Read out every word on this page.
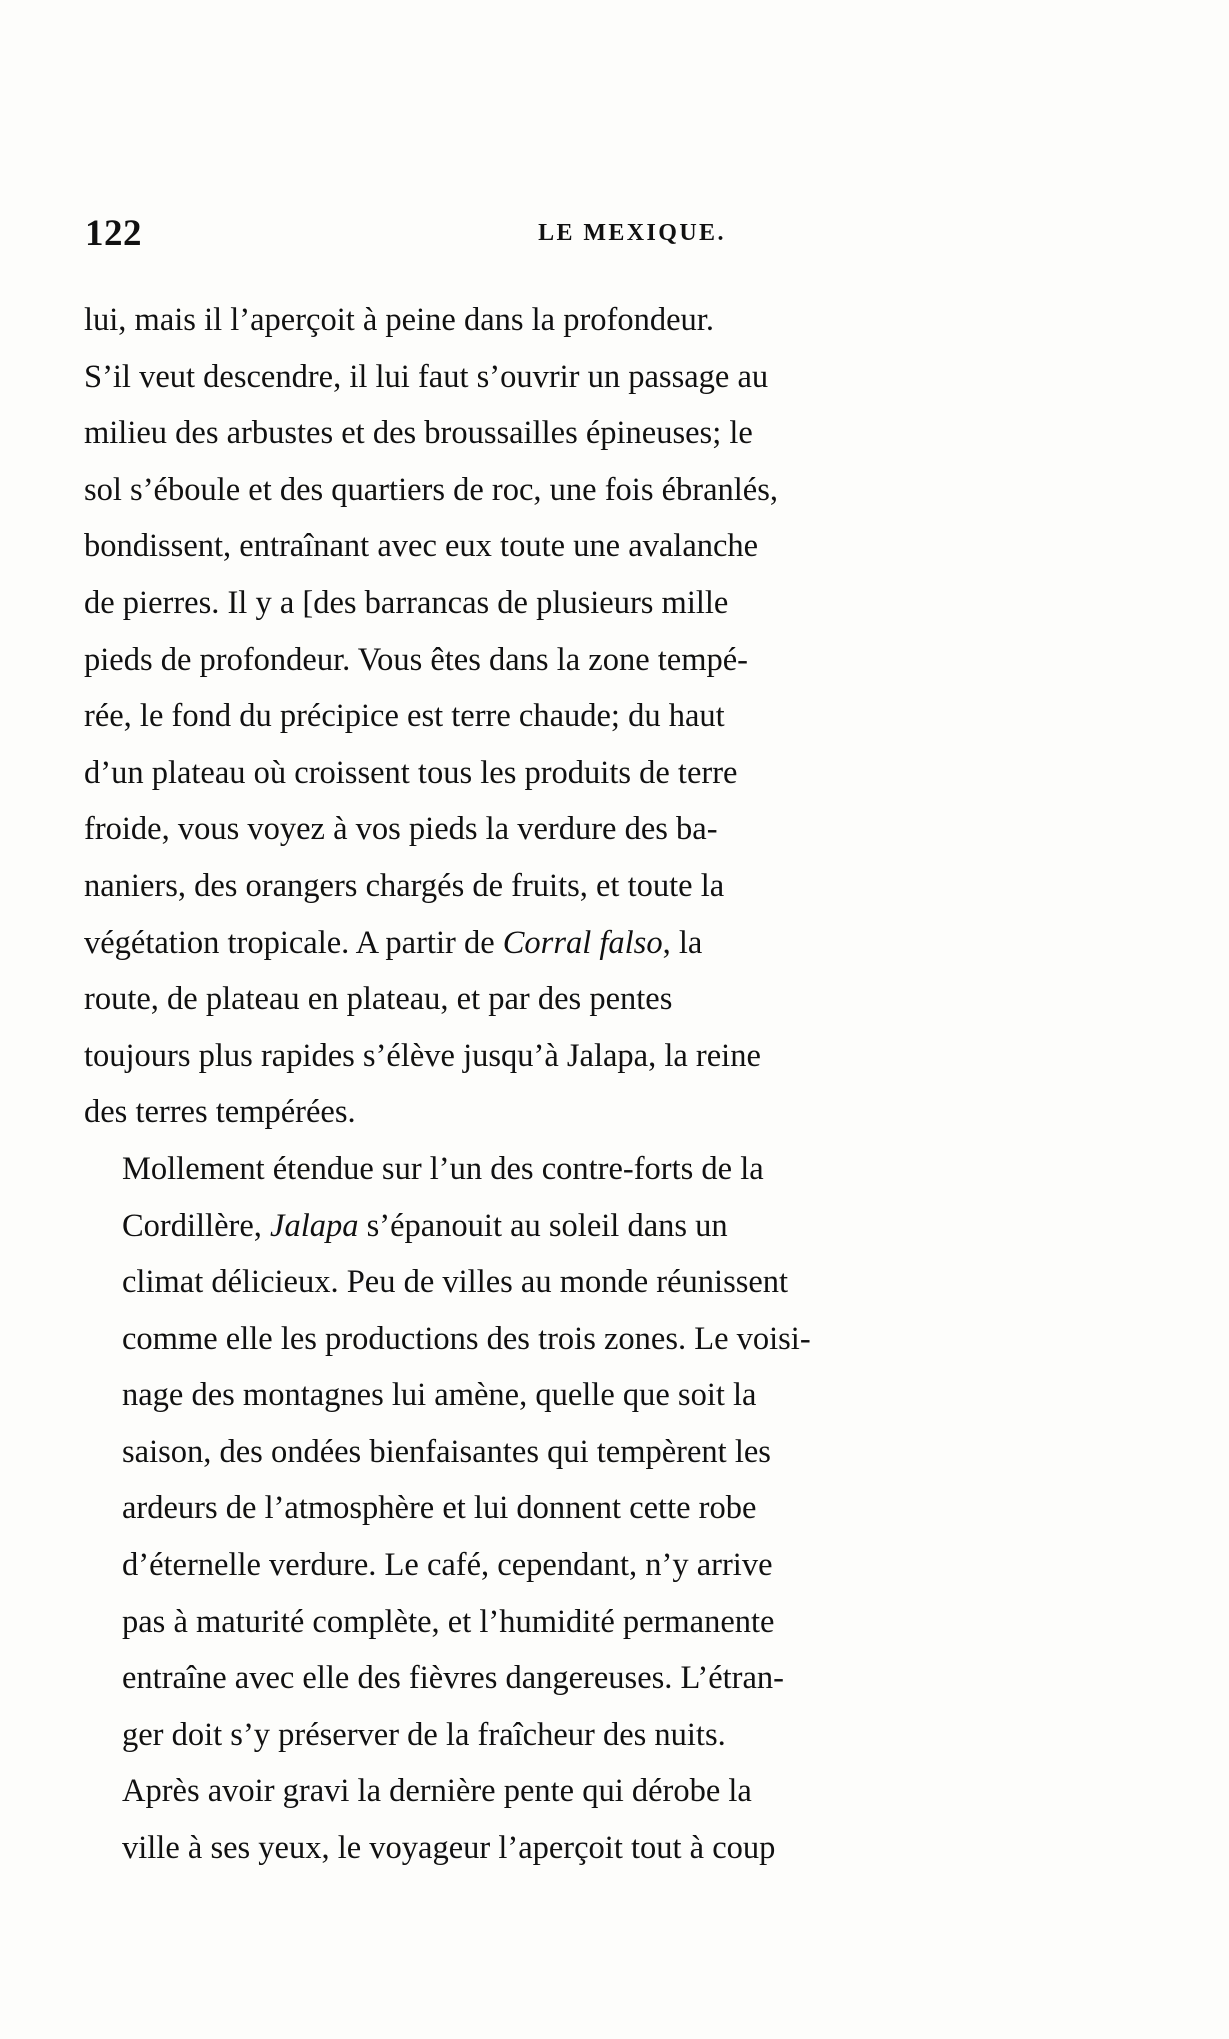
122	LE MEXIQUE.

lui, mais il l’aperçoit à peine dans la profondeur.
S’il veut descendre, il lui faut s’ouvrir un passage au
milieu des arbustes et des broussailles épineuses; le
sol s’éboule et des quartiers de roc, une fois ébranlés,
bondissent, entraînant avec eux toute une avalanche
de pierres. Il y a [des barrancas de plusieurs mille
pieds de profondeur. Vous êtes dans la zone tempé-
rée, le fond du précipice est terre chaude; du haut
d’un plateau où croissent tous les produits de terre
froide, vous voyez à vos pieds la verdure des ba-
naniers, des orangers chargés de fruits, et toute la
végétation tropicale. A partir de Corral falso, la
route, de plateau en plateau, et par des pentes
toujours plus rapides s’élève jusqu’à Jalapa, la reine
des terres tempérées.

Mollement étendue sur l’un des contre-forts de la
Cordillère, Jalapa s’épanouit au soleil dans un
climat délicieux. Peu de villes au monde réunissent
comme elle les productions des trois zones. Le voisi-
nage des montagnes lui amène, quelle que soit la
saison, des ondées bienfaisantes qui tempèrent les
ardeurs de l’atmosphère et lui donnent cette robe
d’éternelle verdure. Le café, cependant, n’y arrive
pas à maturité complète, et l’humidité permanente
entraîne avec elle des fièvres dangereuses. L’étran-
ger doit s’y préserver de la fraîcheur des nuits.

Après avoir gravi la dernière pente qui dérobe la
ville à ses yeux, le voyageur l’aperçoit tout à coup
